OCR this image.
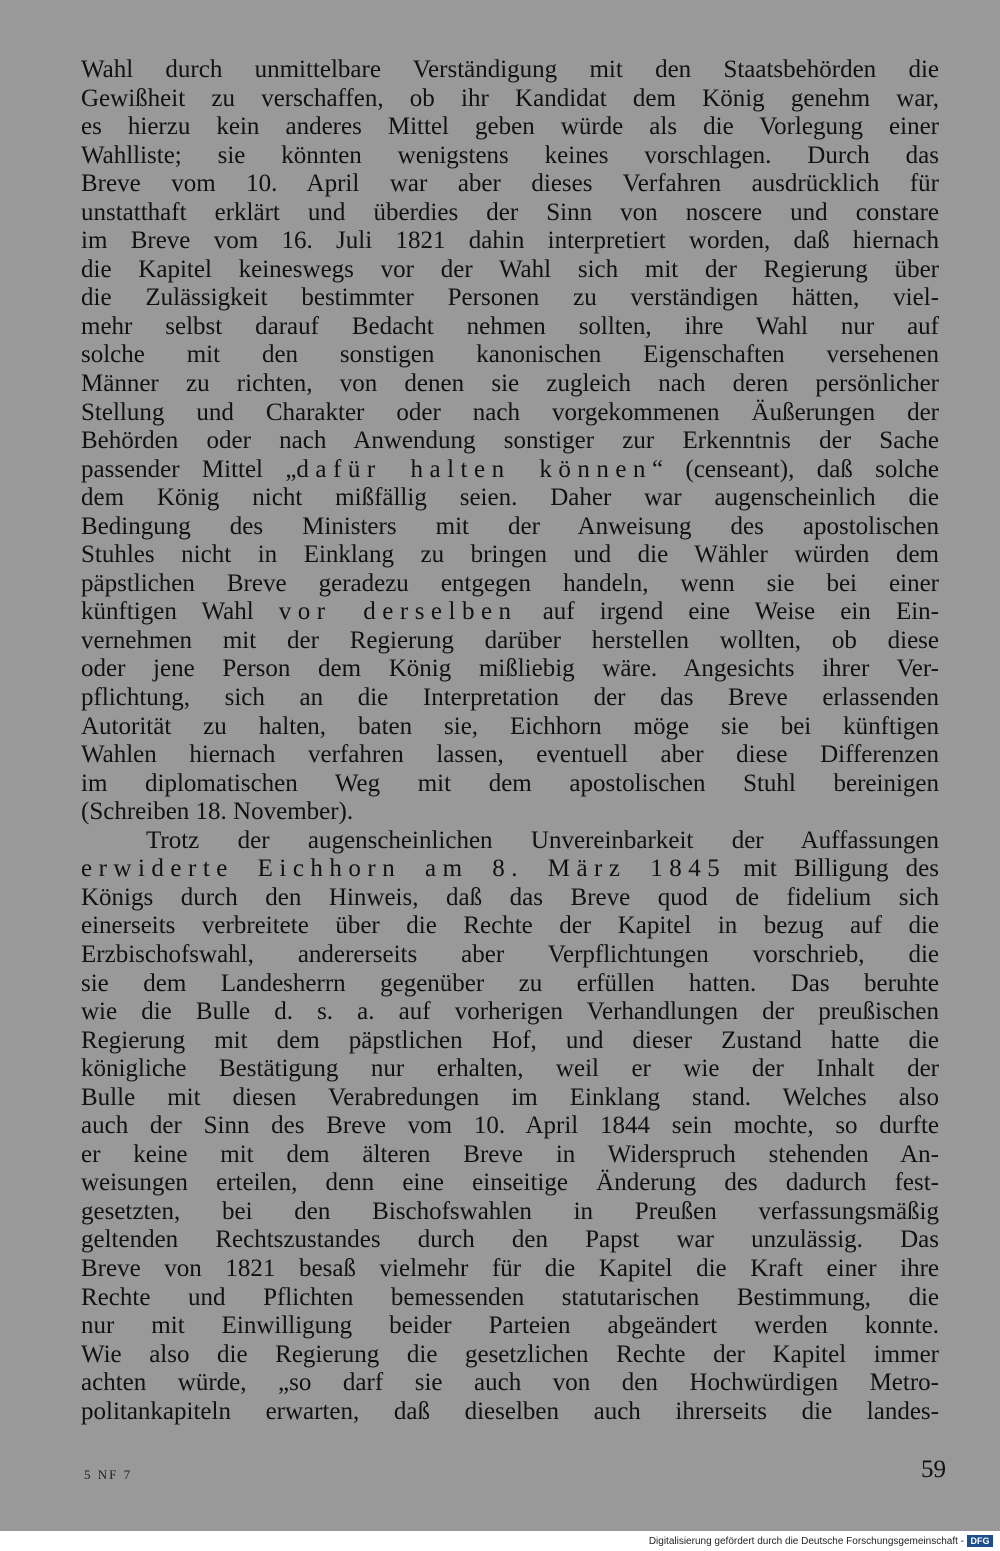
Wahl durch unmittelbare Verständigung mit den Staatsbehörden die
Gewißheit zu verschaffen, ob ihr Kandidat dem König genehm war,
es hierzu kein anderes Mittel geben würde als die Vorlegung einer
Wahlliste; sie könnten wenigstens keines vorschlagen. Durch das
Breve vom 10. April war aber dieses Verfahren ausdrücklich für
unstatthaft erklärt und überdies der Sinn von noscere und constare
im Breve vom 16. Juli 1821 dahin interpretiert worden, daß hiernach
die Kapitel keineswegs vor der Wahl sich mit der Regierung über
die Zulässigkeit bestimmter Personen zu verständigen hätten, viel-
mehr selbst darauf Bedacht nehmen sollten, ihre Wahl nur auf
solche mit den sonstigen kanonischen Eigenschaften versehenen
Männer zu richten, von denen sie zugleich nach deren persönlicher
Stellung und Charakter oder nach vorgekommenen Äußerungen der
Behörden oder nach Anwendung sonstiger zur Erkenntnis der Sache
passender Mittel „dafür halten können“ (censeant), daß solche
dem König nicht mißfällig seien. Daher war augenscheinlich die
Bedingung des Ministers mit der Anweisung des apostolischen
Stuhles nicht in Einklang zu bringen und die Wähler würden dem
päpstlichen Breve geradezu entgegen handeln, wenn sie bei einer
künftigen Wahl vor derselben auf irgend eine Weise ein Ein-
vernehmen mit der Regierung darüber herstellen wollten, ob diese
oder jene Person dem König mißliebig wäre. Angesichts ihrer Ver-
pflichtung, sich an die Interpretation der das Breve erlassenden
Autorität zu halten, baten sie, Eichhorn möge sie bei künftigen
Wahlen hiernach verfahren lassen, eventuell aber diese Differenzen
im diplomatischen Weg mit dem apostolischen Stuhl bereinigen
(Schreiben 18. November).
Trotz der augenscheinlichen Unvereinbarkeit der Auffassungen
erwiderte Eichhorn am 8. März 1845 mit Billigung des
Königs durch den Hinweis, daß das Breve quod de fidelium sich
einerseits verbreitete über die Rechte der Kapitel in bezug auf die
Erzbischofswahl, andererseits aber Verpflichtungen vorschrieb, die
sie dem Landesherrn gegenüber zu erfüllen hatten. Das beruhte
wie die Bulle d. s. a. auf vorherigen Verhandlungen der preußischen
Regierung mit dem päpstlichen Hof, und dieser Zustand hatte die
königliche Bestätigung nur erhalten, weil er wie der Inhalt der
Bulle mit diesen Verabredungen im Einklang stand. Welches also
auch der Sinn des Breve vom 10. April 1844 sein mochte, so durfte
er keine mit dem älteren Breve in Widerspruch stehenden An-
weisungen erteilen, denn eine einseitige Änderung des dadurch fest-
gesetzten, bei den Bischofswahlen in Preußen verfassungsmäßig
geltenden Rechtszustandes durch den Papst war unzulässig. Das
Breve von 1821 besaß vielmehr für die Kapitel die Kraft einer ihre
Rechte und Pflichten bemessenden statutarischen Bestimmung, die
nur mit Einwilligung beider Parteien abgeändert werden konnte.
Wie also die Regierung die gesetzlichen Rechte der Kapitel immer
achten würde, „so darf sie auch von den Hochwürdigen Metro-
politankapiteln erwarten, daß dieselben auch ihrerseits die landes-
5 NF 7	59
Digitalisierung gefördert durch die Deutsche Forschungsgemeinschaft - DFG
